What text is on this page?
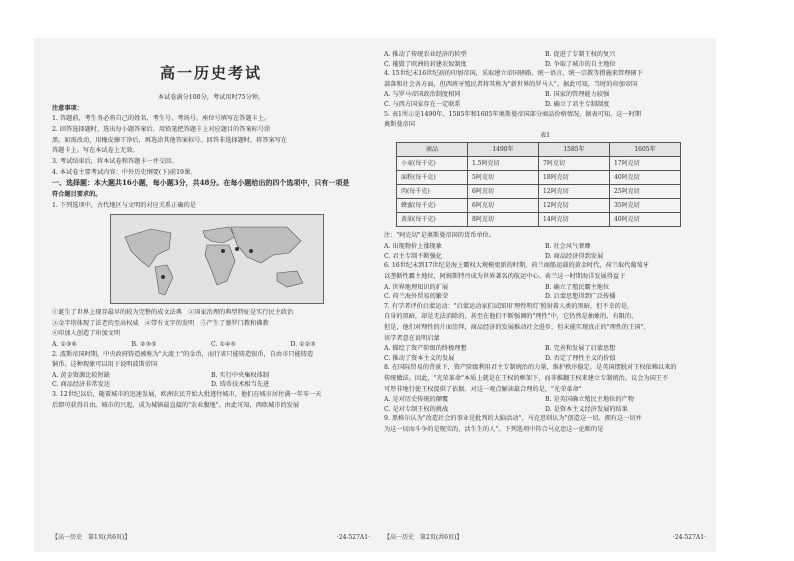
高一历史考试

本试卷满分100分，考试用时75分钟。

注意事项：

1. 答题前，考生务必将自己的姓名、考生号、考场号、座位号填写在答题卡上。

2. 回答选择题时，选出每小题答案后，用铅笔把答题卡上对应题目的答案标号涂

黑。如需改动，用橡皮擦干净后，再选涂其他答案标号。回答非选择题时，将答案写在

答题卡上。写在本试卷上无效。

3. 考试结束后，将本试卷和答题卡一并交回。

4. 本试卷主要考试内容：中外历史纲要(下)前19课。

一、选择题：本大题共16小题，每小题3分，共48分。在每小题给出的四个选项中，只有一项是

符合题目要求的。

1. 下列选项中，古代地区与文明的对应关系正确的是

①诞生了世界上现存最早的较为完整的成文法典　②国家治理的典型特征是实行民主政治

③金字塔体现了法老的至高权威　④带有文字的发明　⑤产生了婆罗门教和佛教

⑥印加人创造了印加文明

A. ①③⑥	B. ②③⑤	C. ①④⑤	D. ①②③

2. 波斯帝国时期，中央政府铸造被称为"大流士"的金币，而行省只能铸造银币，自由市只能铸造

铜币。这种现象可以用于说明波斯帝国

A. 黄金资源比较短缺	B. 实行中央集权体制
C. 商品经济非常发达	D. 铸币技术相当先进

3. 12世纪以后，随着城市的迅速发展，欧洲农民开始大批逃往城市，他们在城市居住满一年零一天

后即可获得自由。城市的兴起，成为城镇最直接的"农业腹地"。由此可知，西欧城市的发展

【高一历史　第1页(共6页)】	·24-527A1·
A. 推动了传统农业经济的转型	B. 促进了专制王权的复兴
C. 摧毁了欧洲的封建农奴制度	D. 争取了城市的自主地位

4. 15世纪末16世纪初的印加帝国，采取建立帝国驿路、统一语言、统一宗教等措施来管理辖下

部落和社会各方面，但西班牙殖民者将其称为"新世界的罗马人"。据此可知，当时的印加帝国

A. 与罗马帝国政治制度相同	B. 国家的管理能力较强
C. 与西方国家存在一定联系	D. 确立了君主专制制度

5. 表1所示是1490年、1585年和1605年奥斯曼帝国部分商品价格情况。据表可知，这一时期

奥斯曼帝国

表1

商品	1490年	1585年	1605年
小麦(每千克)	1.5阿克切	7阿克切	17阿克切
面粉(每千克)	5阿克切	18阿克切	40阿克切
肉(每千克)	6阿克切	12阿克切	25阿克切
蜂蜜(每千克)	6阿克切	12阿克切	35阿克切
黄油(每千克)	8阿克切	14阿克切	40阿克切

注："阿克切"是奥斯曼帝国的货币单位。

A. 出现物价上涨现象	B. 社会风气奢靡
C. 君主专制不断强化	D. 商品经济得到发展

6. 16世纪末到17世纪是海上霸权大规模更新的时期，荷兰商船运载的黄金时代，荷兰取代葡萄牙

以垄断性霸主地位，阿姆斯特丹成为世界著名的航运中心。荷兰这一时期海洋发展得益于

A. 世界地理知识的扩展	B. 确立了殖民霸主地位
C. 荷兰海外贸易的繁荣	D. 启蒙思想得到广泛传播

7. 有学者评价启蒙运动："启蒙运动家们试图用'理性明灯'照射着人类的黑暗，但不幸的是，

自身的黑暗，却是无法消除的，甚至在他们不断强调的"理性"中，它仍然是抽象的、有限的、

但是，他们对理性的片面崇拜，商品经济的发展推动社会进步，但未能实现真正的"理性的王国"。

该学者意在说明启蒙

A. 描绘了资产阶级的终极理想	B. 完善和发展了启蒙思想
C. 推动了资本主义的发展	D. 否定了理性主义的价值

8. 在国际贸易的背景下，资产阶级利用君主专制统治的力量，维护秩序稳定，是英国摆脱对王权依赖以来的

传统做法。因此，"光荣革命"本质上就是在王权的框架下，而非推翻王权来建立专制统治。议会为国王不

可厚非地行使王权提供了依据。对这一观点解读最合理的是，"光荣革命"

A. 是对历史传统的颠覆	B. 是英国确立殖民主地位的产物
C. 是对专制王权的挑战	D. 是资本主义经济发展的结果

9. 黑格尔认为"改造社会的事业是批判的大脑活动"，马克思则认为"创造这一切、拥有这一切并

为这一切而斗争的是现实的、活生生的人"。下列选项中符合马克思这一论断的是

【高一历史　第2页(共6页)】	·24-527A1·
